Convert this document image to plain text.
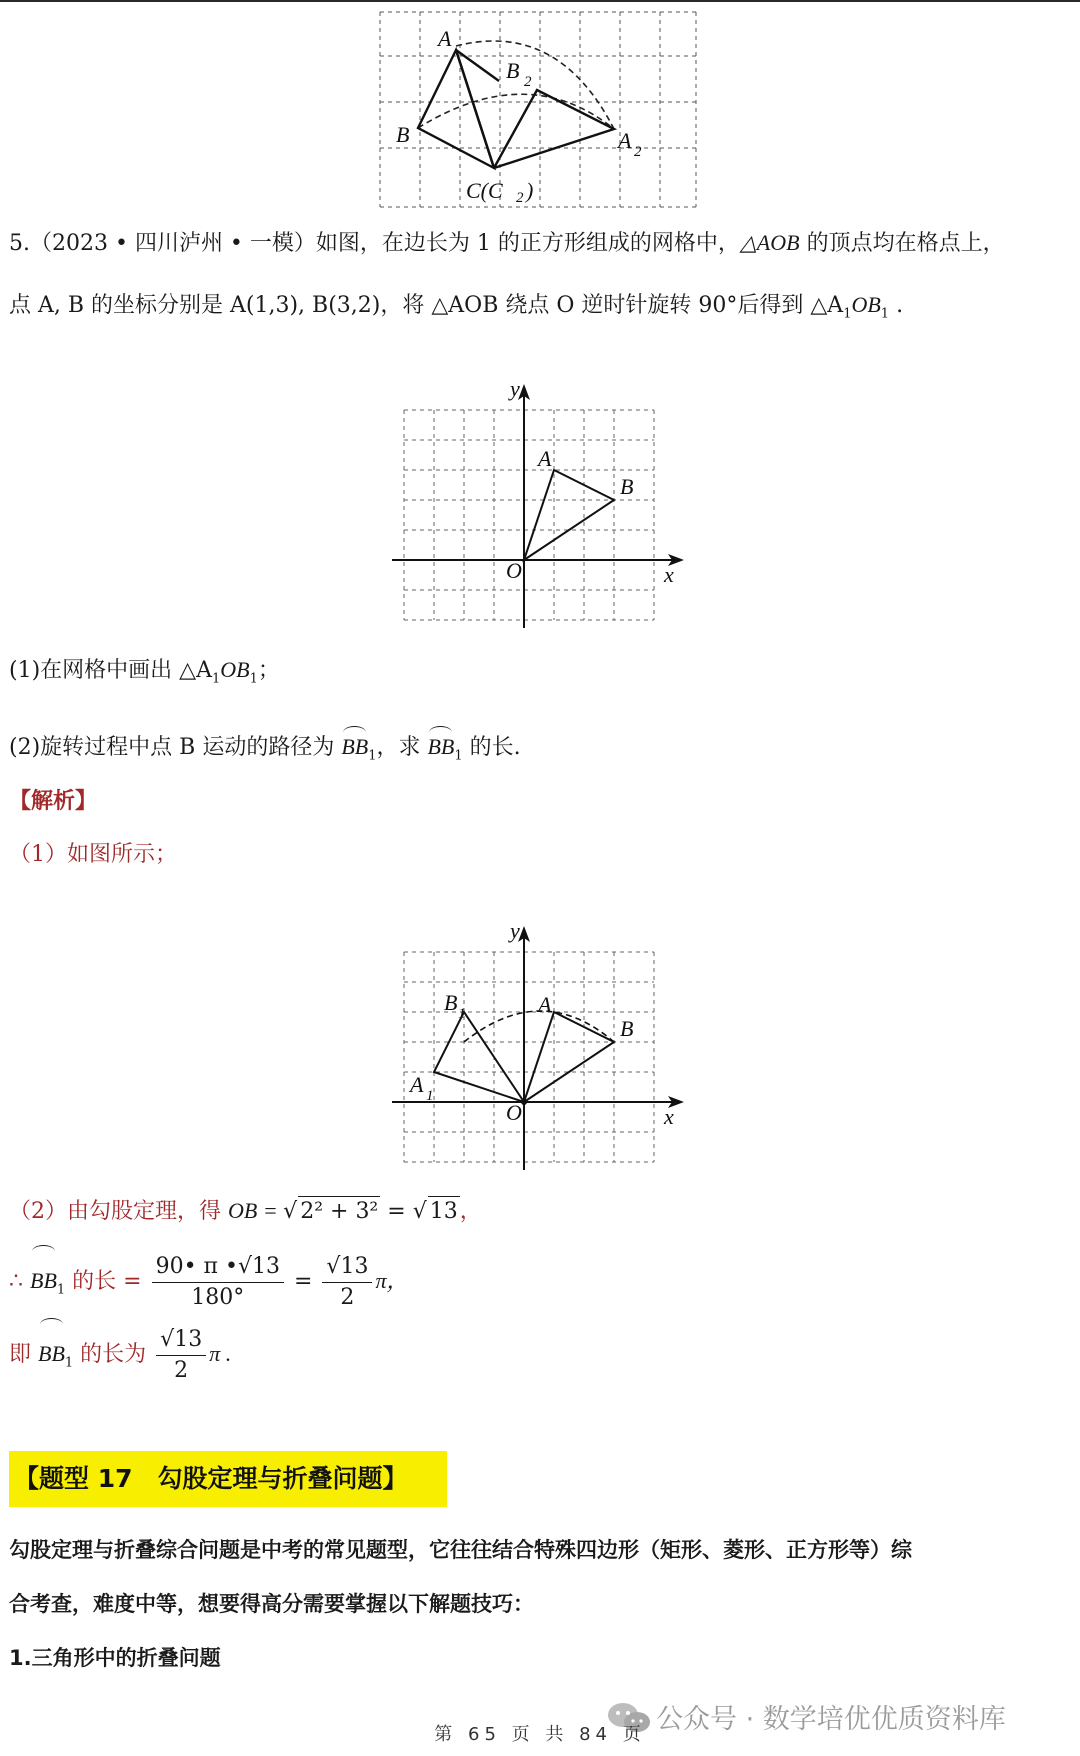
A
B
B 2
A 2
C(C 2 )
5.（2023 • 四川泸州 • 一模）如图，在边长为 1 的正方形组成的网格中，△AOB 的顶点均在格点上，
点 A, B 的坐标分别是 A(1,3), B(3,2)，将 △AOB 绕点 O 逆时针旋转 90°后得到 $\triangle A_1OB_1$ .
y
x
O
A
B
(1)在网格中画出 $\triangle A_1OB_1$；
(2)旋转过程中点 B 运动的路径为 $BB_1$，求 $BB_1$ 的长.
【解析】
（1）如图所示；
y
x
O
A
B
B 1
A 1
（2）由勾股定理，得 OB = √ 2² + 3² = √ 13，
∴ $BB_1$ 的长 = $\frac{90• \pi •√13}{180^\circ} = \frac{√13}{2}$ π，
即 $BB_1$ 的长为 $\frac{√13}{2}$ π .
【题型 17　勾股定理与折叠问题】
勾股定理与折叠综合问题是中考的常见题型，它往往结合特殊四边形（矩形、菱形、正方形等）综
合考查，难度中等，想要得高分需要掌握以下解题技巧：
1.三角形中的折叠问题
公众号 · 数学培优优质资料库
第 65 页 共 84 页
